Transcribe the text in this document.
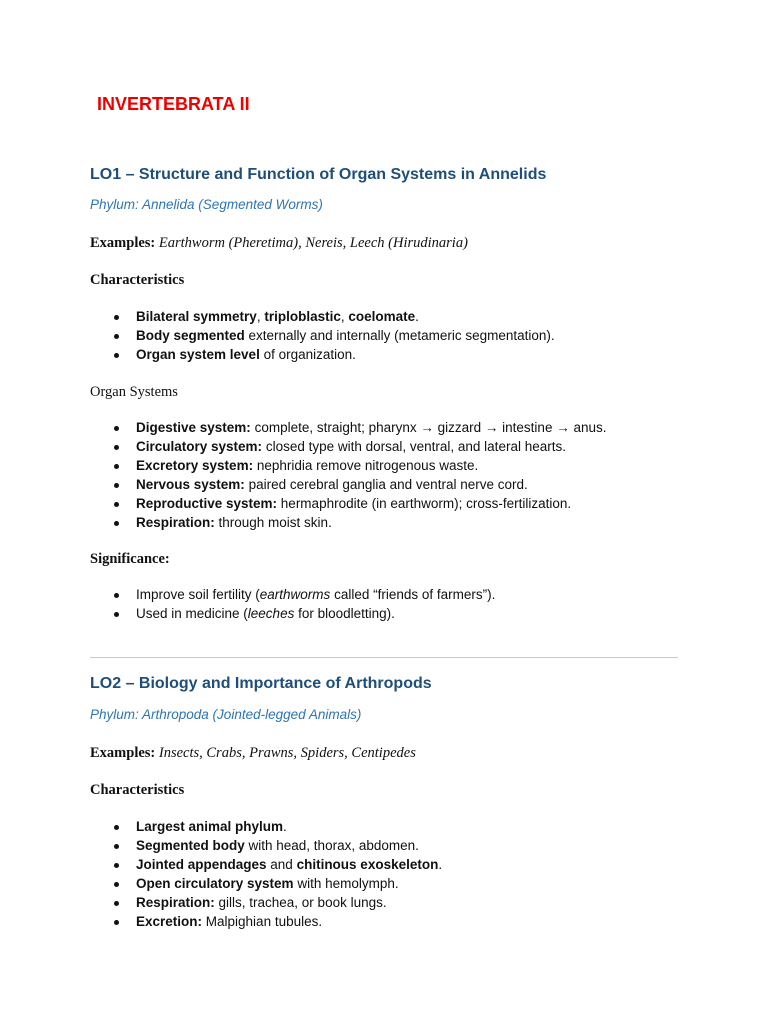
INVERTEBRATA II
LO1 – Structure and Function of Organ Systems in Annelids

Phylum: Annelida (Segmented Worms)

Examples: Earthworm (Pheretima), Nereis, Leech (Hirudinaria)

Characteristics

Bilateral symmetry, triploblastic, coelomate.
Body segmented externally and internally (metameric segmentation).
Organ system level of organization.

Organ Systems

Digestive system: complete, straight; pharynx → gizzard → intestine → anus.
Circulatory system: closed type with dorsal, ventral, and lateral hearts.
Excretory system: nephridia remove nitrogenous waste.
Nervous system: paired cerebral ganglia and ventral nerve cord.
Reproductive system: hermaphrodite (in earthworm); cross-fertilization.
Respiration: through moist skin.

Significance:

Improve soil fertility (earthworms called “friends of farmers”).
Used in medicine (leeches for bloodletting).
LO2 – Biology and Importance of Arthropods

Phylum: Arthropoda (Jointed-legged Animals)

Examples: Insects, Crabs, Prawns, Spiders, Centipedes

Characteristics

Largest animal phylum.
Segmented body with head, thorax, abdomen.
Jointed appendages and chitinous exoskeleton.
Open circulatory system with hemolymph.
Respiration: gills, trachea, or book lungs.
Excretion: Malpighian tubules.
